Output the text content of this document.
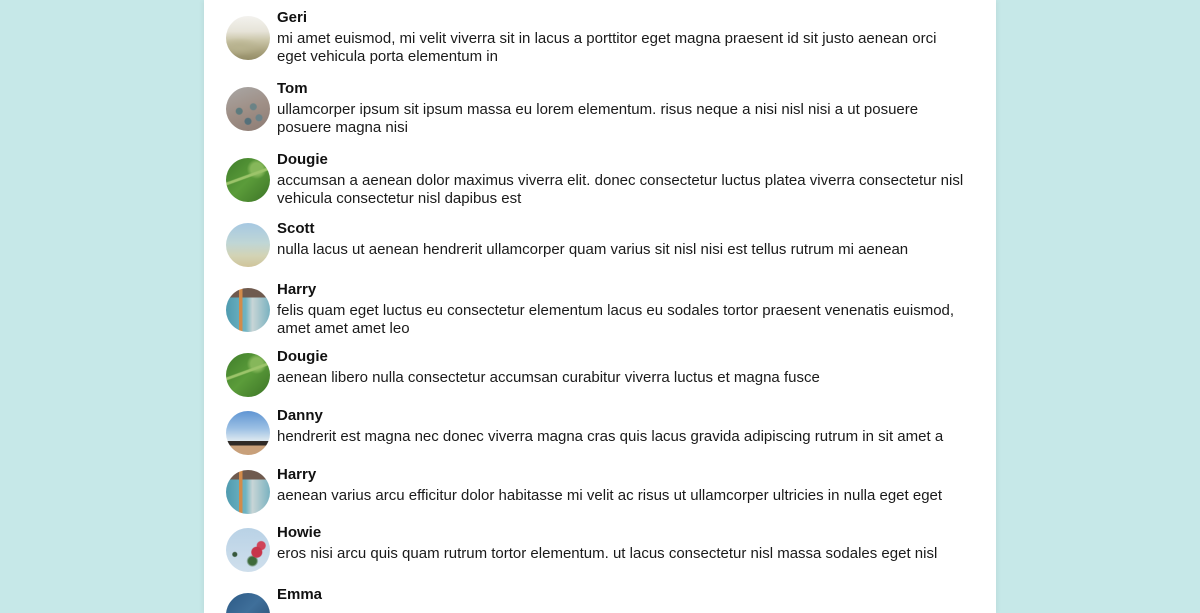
Geri
mi amet euismod, mi velit viverra sit in lacus a porttitor eget magna praesent id sit justo aenean orci eget vehicula porta elementum in
Tom
ullamcorper ipsum sit ipsum massa eu lorem elementum. risus neque a nisi nisl nisi a ut posuere posuere magna nisi
Dougie
accumsan a aenean dolor maximus viverra elit. donec consectetur luctus platea viverra consectetur nisl vehicula consectetur nisl dapibus est
Scott
nulla lacus ut aenean hendrerit ullamcorper quam varius sit nisl nisi est tellus rutrum mi aenean
Harry
felis quam eget luctus eu consectetur elementum lacus eu sodales tortor praesent venenatis euismod, amet amet amet leo
Dougie
aenean libero nulla consectetur accumsan curabitur viverra luctus et magna fusce
Danny
hendrerit est magna nec donec viverra magna cras quis lacus gravida adipiscing rutrum in sit amet a
Harry
aenean varius arcu efficitur dolor habitasse mi velit ac risus ut ullamcorper ultricies in nulla eget eget
Howie
eros nisi arcu quis quam rutrum tortor elementum. ut lacus consectetur nisl massa sodales eget nisl
Emma
